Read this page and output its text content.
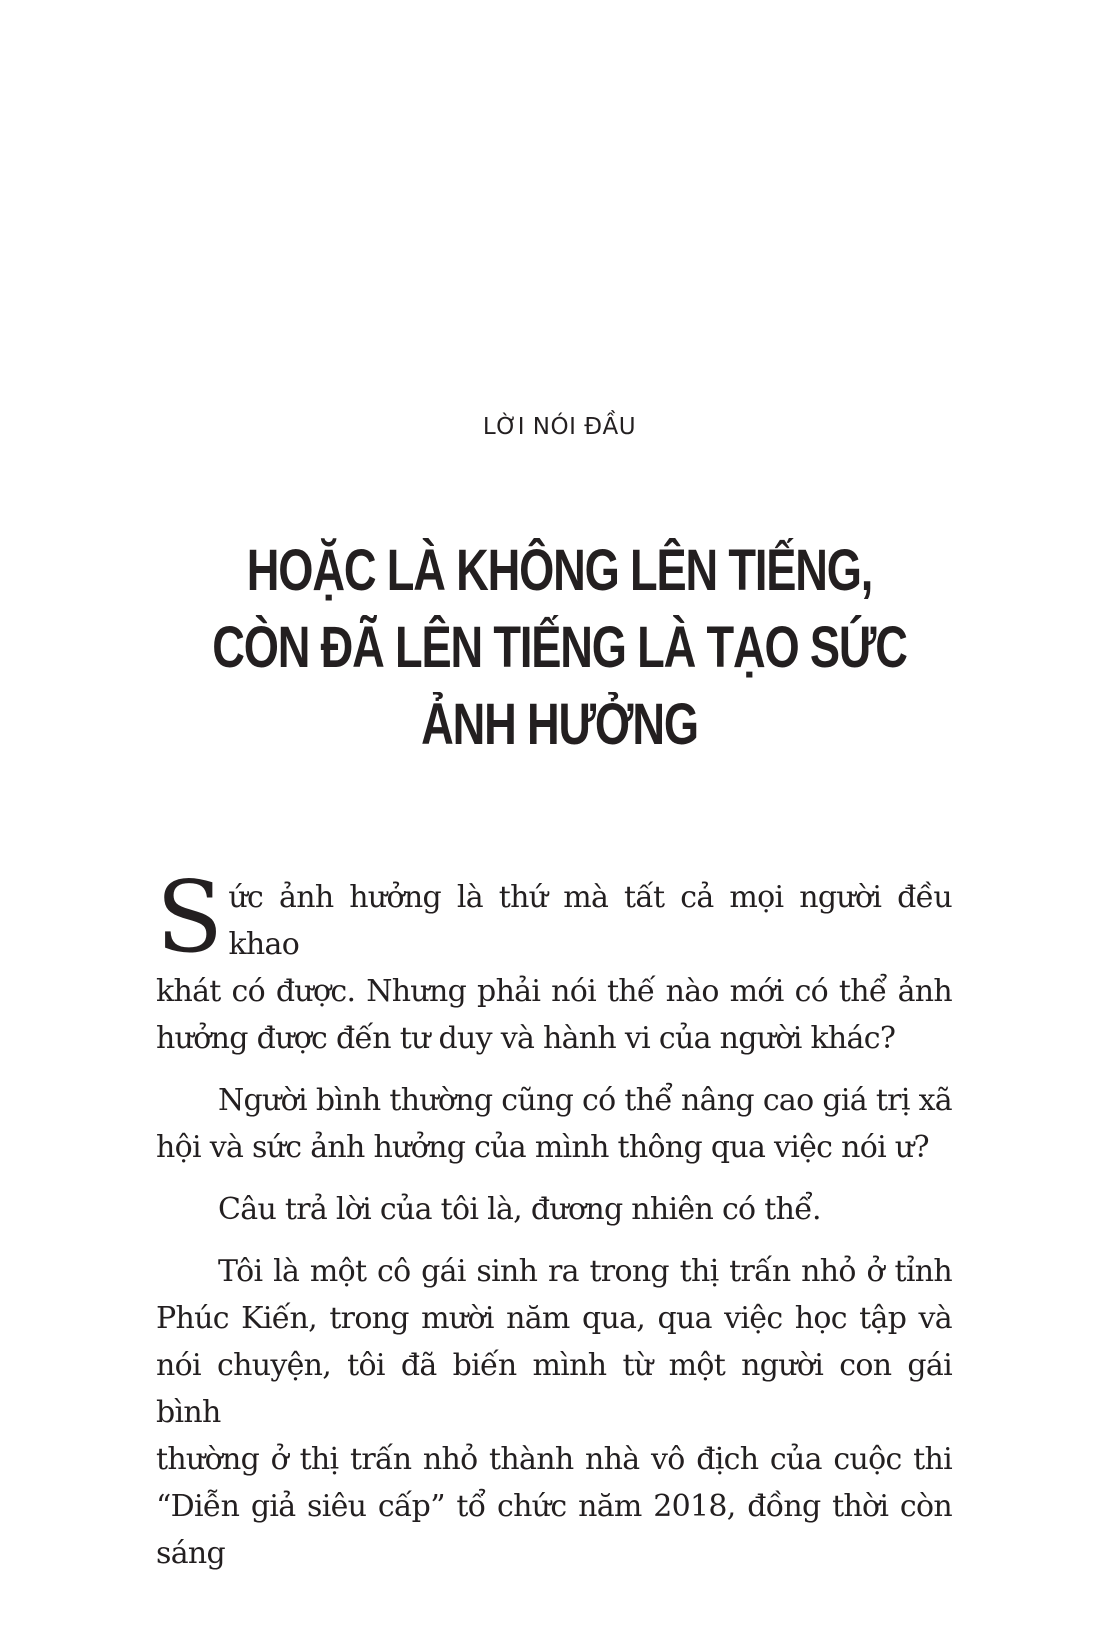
LỜI NÓI ĐẦU
HOẶC LÀ KHÔNG LÊN TIẾNG,
CÒN ĐÃ LÊN TIẾNG LÀ TẠO SỨC
ẢNH HƯỞNG

S ức ảnh hưởng là thứ mà tất cả mọi người đều khao
khát có được. Nhưng phải nói thế nào mới có thể ảnh
hưởng được đến tư duy và hành vi của người khác?

Người bình thường cũng có thể nâng cao giá trị xã
hội và sức ảnh hưởng của mình thông qua việc nói ư?

Câu trả lời của tôi là, đương nhiên có thể.

Tôi là một cô gái sinh ra trong thị trấn nhỏ ở tỉnh
Phúc Kiến, trong mười năm qua, qua việc học tập và
nói chuyện, tôi đã biến mình từ một người con gái bình
thường ở thị trấn nhỏ thành nhà vô địch của cuộc thi
“Diễn giả siêu cấp” tổ chức năm 2018, đồng thời còn sáng
